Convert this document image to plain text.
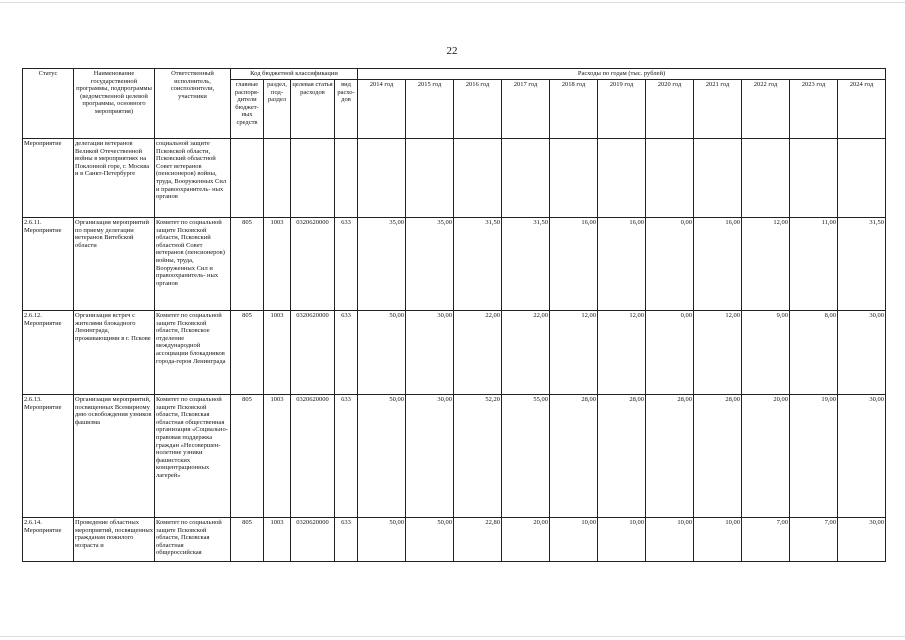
22
Статус	Наименование государственной программы, подпрограммы (ведомственной целевой программы, основного мероприятия)	Ответственный исполнитель, соисполнители, участники	Код бюджетной классификации				Расходы по годам (тыс. рублей)										
			главные распоря- дители бюджет- ных средств	раздел, под- раздел	целевая статья расходов	вид расхо- дов	2014 год	2015 год	2016 год	2017 год	2018 год	2019 год	2020 год	2021 год	2022 год	2023 год	2024 год
Мероприятие	делегации ветеранов Великой Отечественной войны в мероприятиях на Поклонной горе, г. Москва и в Санкт-Петербурге	социальной защите Псковской области, Псковский областной Совет ветеранов (пенсионеров) войны, труда, Вооруженных Сил и правоохранитель- ных органов															
2.6.11. Мероприятие	Организация мероприятий по приему делегации ветеранов Витебской области	Комитет по социальной защите Псковской области, Псковский областной Совет ветеранов (пенсионеров) войны, труда, Вооруженных Сил и правоохранитель- ных органов	805	1003	0320620000	633	35,00	35,00	31,50	31,50	16,00	16,00	0,00	16,00	12,00	11,00	31,50
2.6.12. Мероприятие	Организация встреч с жителями блокадного Ленинграда, проживающими в г. Пскове	Комитет по социальной защите Псковской области, Псковское отделение международной ассоциации блокадников города-героя Ленинграда	805	1003	0320620000	633	50,00	30,00	22,00	22,00	12,00	12,00	0,00	12,00	9,00	8,00	30,00
2.6.13. Мероприятие	Организация мероприятий, посвященных Всемирному дню освобождения узников фашизма	Комитет по социальной защите Псковской области, Псковская областная общественная организация «Социально-правовая поддержка граждан «Несовершен- нолетние узники фашистских концентрационных лагерей»	805	1003	0320620000	633	50,00	30,00	52,20	55,00	28,00	28,00	28,00	28,00	20,00	19,00	30,00
2.6.14. Мероприятие	Проведение областных мероприятий, посвященных гражданам пожилого возраста и	Комитет по социальной защите Псковской области, Псковская областная общероссийская	805	1003	0320620000	633	50,00	50,00	22,80	20,00	10,00	10,00	10,00	10,00	7,00	7,00	30,00
